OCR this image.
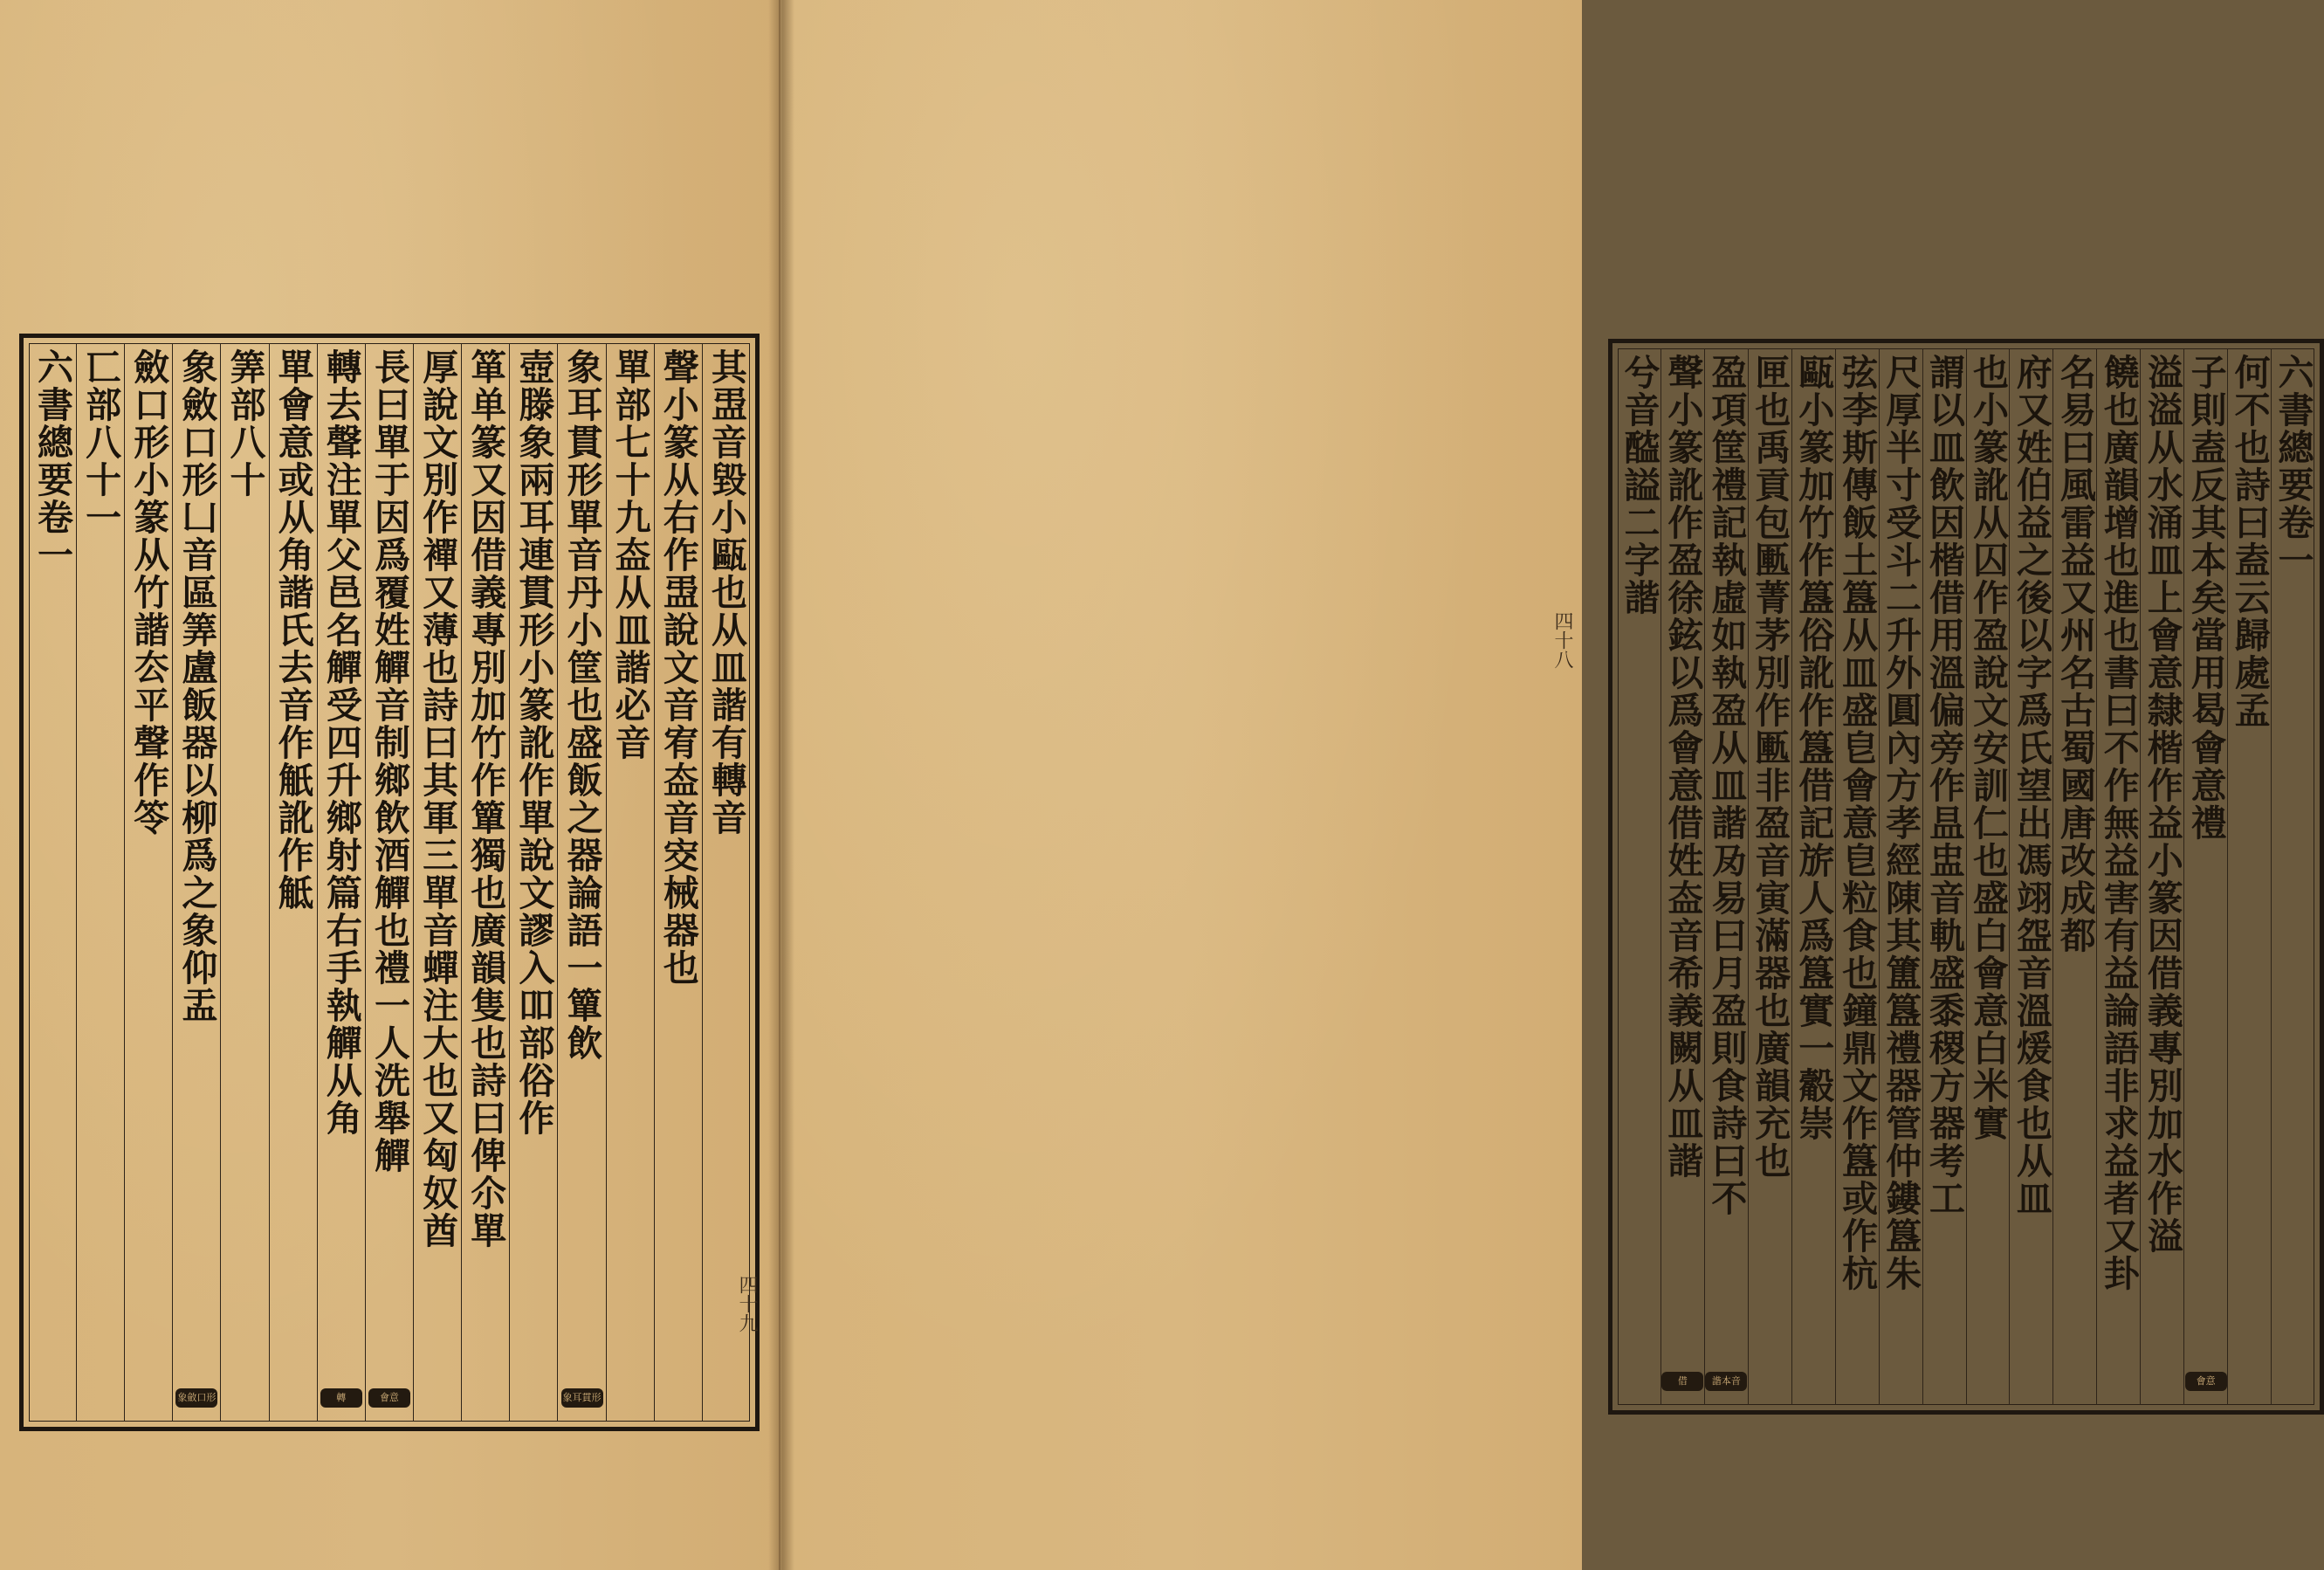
其盄音毀小甌也从皿諧有轉音
聲小篆从右作盄說文音宥盇音㝔械器也
單部七十九盇从皿諧必音
象耳貫形單音丹小筐也盛飯之器論語一簞飲
象耳貫形
壺滕象兩耳連貫形小篆訛作單說文謬入吅部俗作
箪单篆又因借義專別加竹作簞獨也廣韻隻也詩曰俾尒單
厚說文別作襌又薄也詩曰其軍三單音蟬注大也又匈奴酋
長曰單于因爲覆姓觶音制鄉飲酒觶也禮一人洗舉觶
會意
轉去聲注單父邑名觶受四升鄉射篇右手執觶从角
轉
單會意或从角諧氏去音作觗訛作觝
筭部八十
象斂口形凵音區筭盧飯器以柳爲之象仰盂
象斂口形
斂口形小篆从竹諧厺平聲作笭
匸部八十一
六書總要卷一
四十九
六書總要卷一
何不也詩曰盍云歸處孟
子則盍反其本矣當用曷會意禮
會意
溢溢从水涌皿上會意隸楷作益小篆因借義專別加水作溢
饒也廣韻增也進也書曰不作無益害有益論語非求益者又卦
名易曰風雷益又州名古蜀國唐改成都
府又姓伯益之後以字爲氏望出馮翊盌音溫煖食也从皿
也小篆訛从囚作盈說文安訓仁也盛白會意白米實
謂以皿飲因楷借用溫偏旁作昷盅音軌盛黍稷方器考工
尺厚半寸受斗二升外圓內方孝經陳其簠簋禮器管仲鏤簋朱
弦李斯傳飯土簋从皿盛皀會意皀粒食也鐘鼎文作簋或作杭
甌小篆加竹作簋俗訛作簋借記旂人爲簋實一觳崇
匣也禹貢包匭菁茅別作匭非盈音寅滿器也廣韻充也
盈項筐禮記執虛如執盈从皿諧夃易曰月盈則食詩曰不
諧本音
聲小篆訛作盈徐鉉以爲會意借姓盇音希義闕从皿諧
借
兮音醓謚二字諧
四十八
